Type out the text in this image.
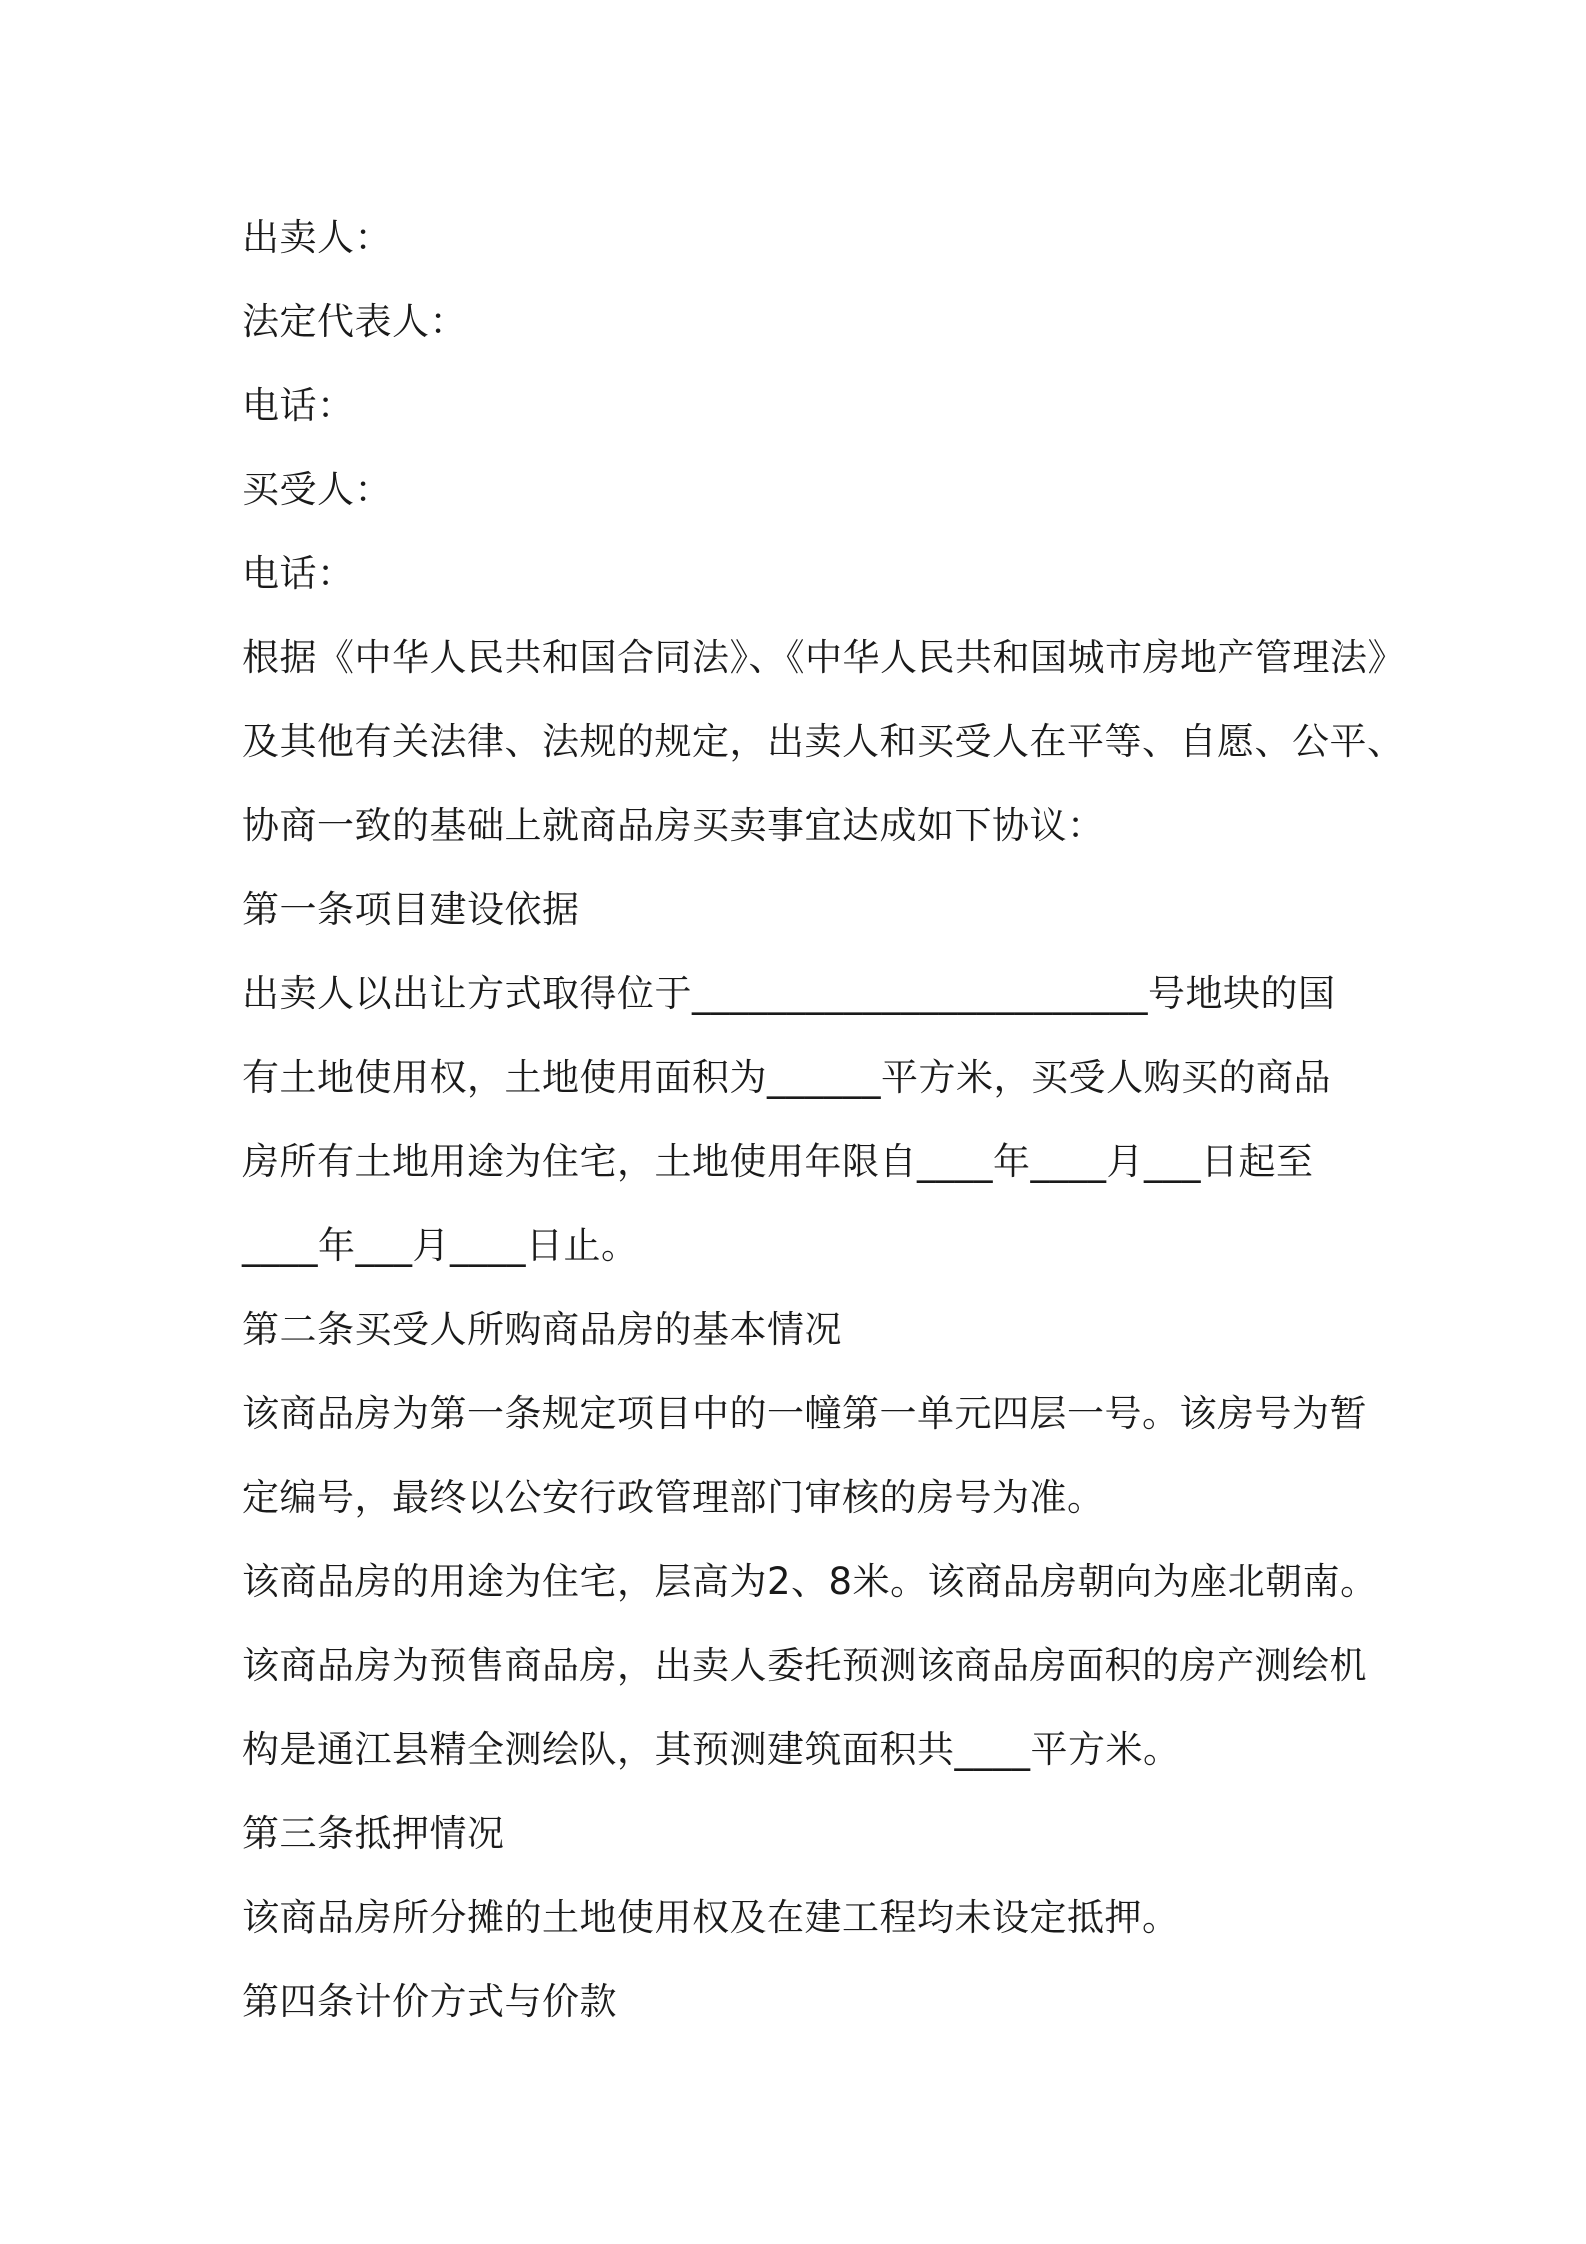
出卖人：
法定代表人：
电话：
买受人：
电话：
根据《中华人民共和国合同法》、《中华人民共和国城市房地产管理法》
及其他有关法律、法规的规定，出卖人和买受人在平等、自愿、公平、
协商一致的基础上就商品房买卖事宜达成如下协议：
第一条项目建设依据
出卖人以出让方式取得位于________________________号地块的国
有土地使用权，土地使用面积为______平方米，买受人购买的商品
房所有土地用途为住宅，土地使用年限自____年____月___日起至
____年___月____日止。
第二条买受人所购商品房的基本情况
该商品房为第一条规定项目中的一幢第一单元四层一号。该房号为暂
定编号，最终以公安行政管理部门审核的房号为准。
该商品房的用途为住宅，层高为2、8米。该商品房朝向为座北朝南。
该商品房为预售商品房，出卖人委托预测该商品房面积的房产测绘机
构是通江县精全测绘队，其预测建筑面积共____平方米。
第三条抵押情况
该商品房所分摊的土地使用权及在建工程均未设定抵押。
第四条计价方式与价款
